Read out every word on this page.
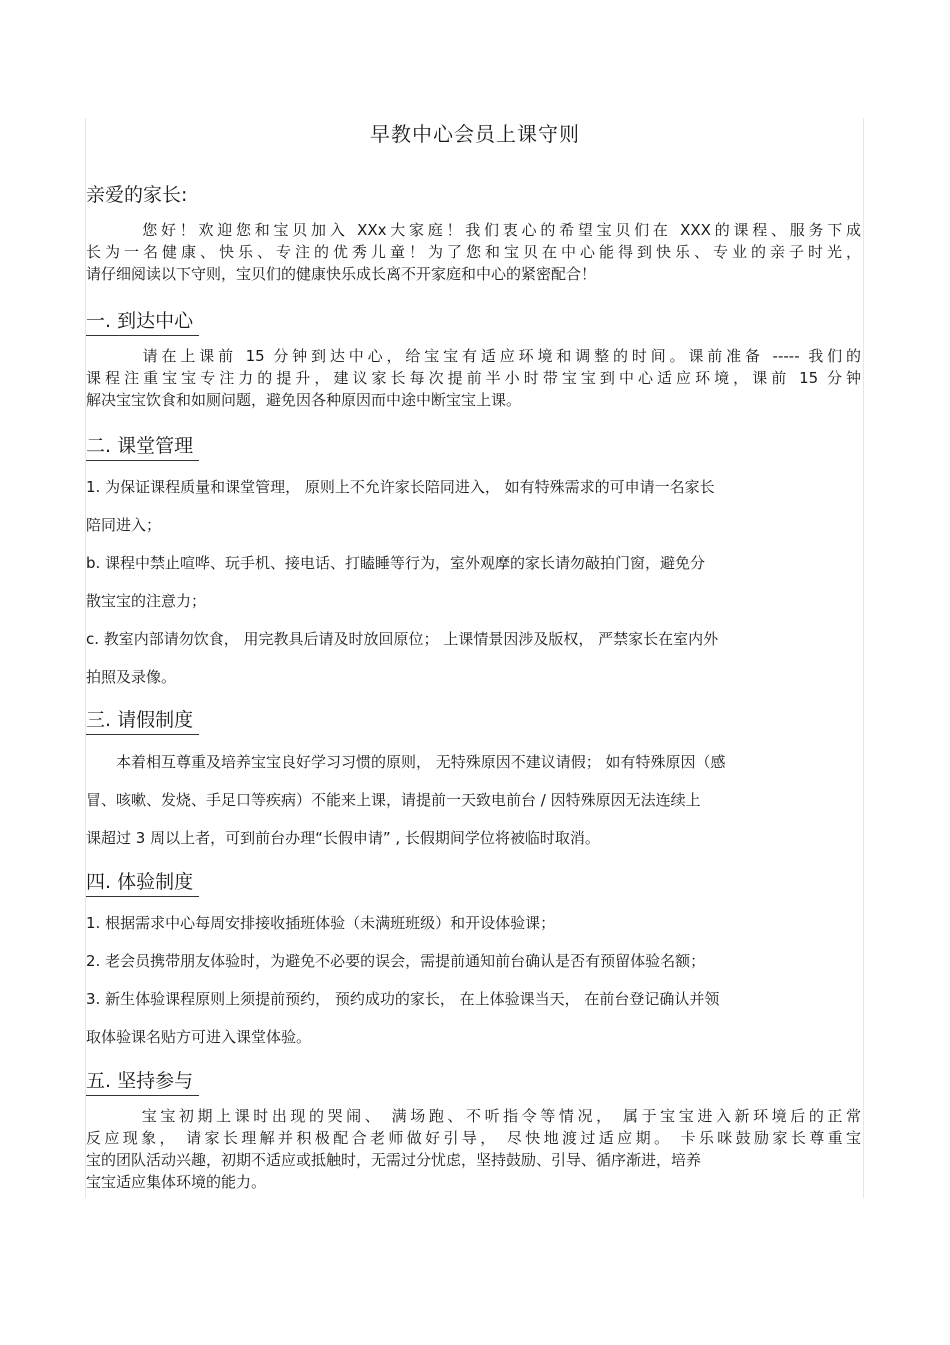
早教中心会员上课守则
亲爱的家长:
　　　您好！欢迎您和宝贝加入 XXx大家庭！我们衷心的希望宝贝们在 XXX的课程、服务下成
长为一名健康、快乐、专注的优秀儿童！为了您和宝贝在中心能得到快乐、专业的亲子时光，
请仔细阅读以下守则，宝贝们的健康快乐成长离不开家庭和中心的紧密配合！
一. 到达中心
　　　请在上课前 15 分钟到达中心，给宝宝有适应环境和调整的时间。课前准备 ----- 我们的
课程注重宝宝专注力的提升，建议家长每次提前半小时带宝宝到中心适应环境，课前 15 分钟
解决宝宝饮食和如厕问题，避免因各种原因而中途中断宝宝上课。
二. 课堂管理
1. 为保证课程质量和课堂管理， 原则上不允许家长陪同进入， 如有特殊需求的可申请一名家长
陪同进入；
b. 课程中禁止喧哗、玩手机、接电话、打瞌睡等行为，室外观摩的家长请勿敲拍门窗，避免分
散宝宝的注意力；
c. 教室内部请勿饮食， 用完教具后请及时放回原位； 上课情景因涉及版权， 严禁家长在室内外
拍照及录像。
三. 请假制度
　　本着相互尊重及培养宝宝良好学习习惯的原则， 无特殊原因不建议请假； 如有特殊原因（感
冒、咳嗽、发烧、手足口等疾病）不能来上课，请提前一天致电前台 / 因特殊原因无法连续上
课超过 3 周以上者，可到前台办理“长假申请” , 长假期间学位将被临时取消。
四. 体验制度
1. 根据需求中心每周安排接收插班体验（未满班班级）和开设体验课；
2. 老会员携带朋友体验时，为避免不必要的误会，需提前通知前台确认是否有预留体验名额；
3. 新生体验课程原则上须提前预约， 预约成功的家长， 在上体验课当天， 在前台登记确认并领
取体验课名贴方可进入课堂体验。
五. 坚持参与
　　　宝宝初期上课时出现的哭闹、 满场跑、不听指令等情况， 属于宝宝进入新环境后的正常
反应现象， 请家长理解并积极配合老师做好引导， 尽快地渡过适应期。 卡乐咪鼓励家长尊重宝
宝的团队活动兴趣，初期不适应或抵触时，无需过分忧虑，坚持鼓励、引导、循序渐进，培养
宝宝适应集体环境的能力。
